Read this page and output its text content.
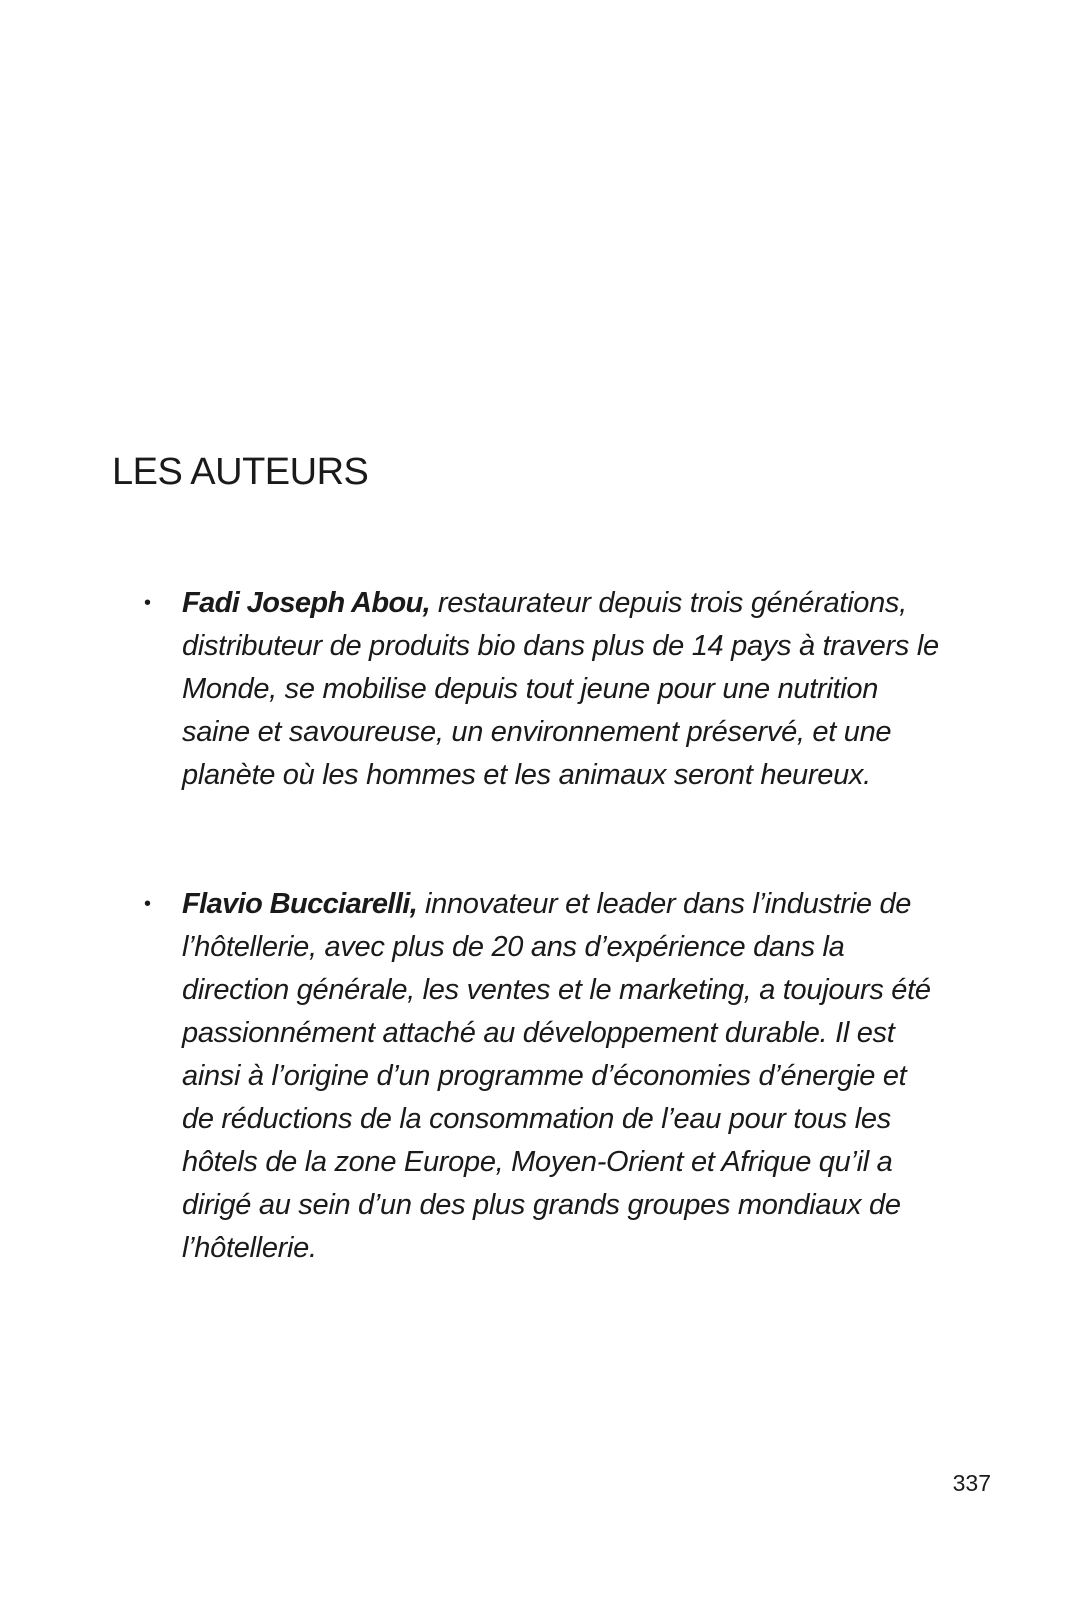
LES AUTEURS
• Fadi Joseph Abou, restaurateur depuis trois générations, distributeur de produits bio dans plus de 14 pays à travers le Monde, se mobilise depuis tout jeune pour une nutrition saine et savoureuse, un environnement préservé, et une planète où les hommes et les animaux seront heureux.
• Flavio Bucciarelli, innovateur et leader dans l’industrie de l’hôtellerie, avec plus de 20 ans d’expérience dans la direction générale, les ventes et le marketing, a toujours été passionnément attaché au développement durable. Il est ainsi à l’origine d’un programme d’économies d’énergie et de réductions de la consommation de l’eau pour tous les hôtels de la zone Europe, Moyen-Orient et Afrique qu’il a dirigé au sein d’un des plus grands groupes mondiaux de l’hôtellerie.
337
